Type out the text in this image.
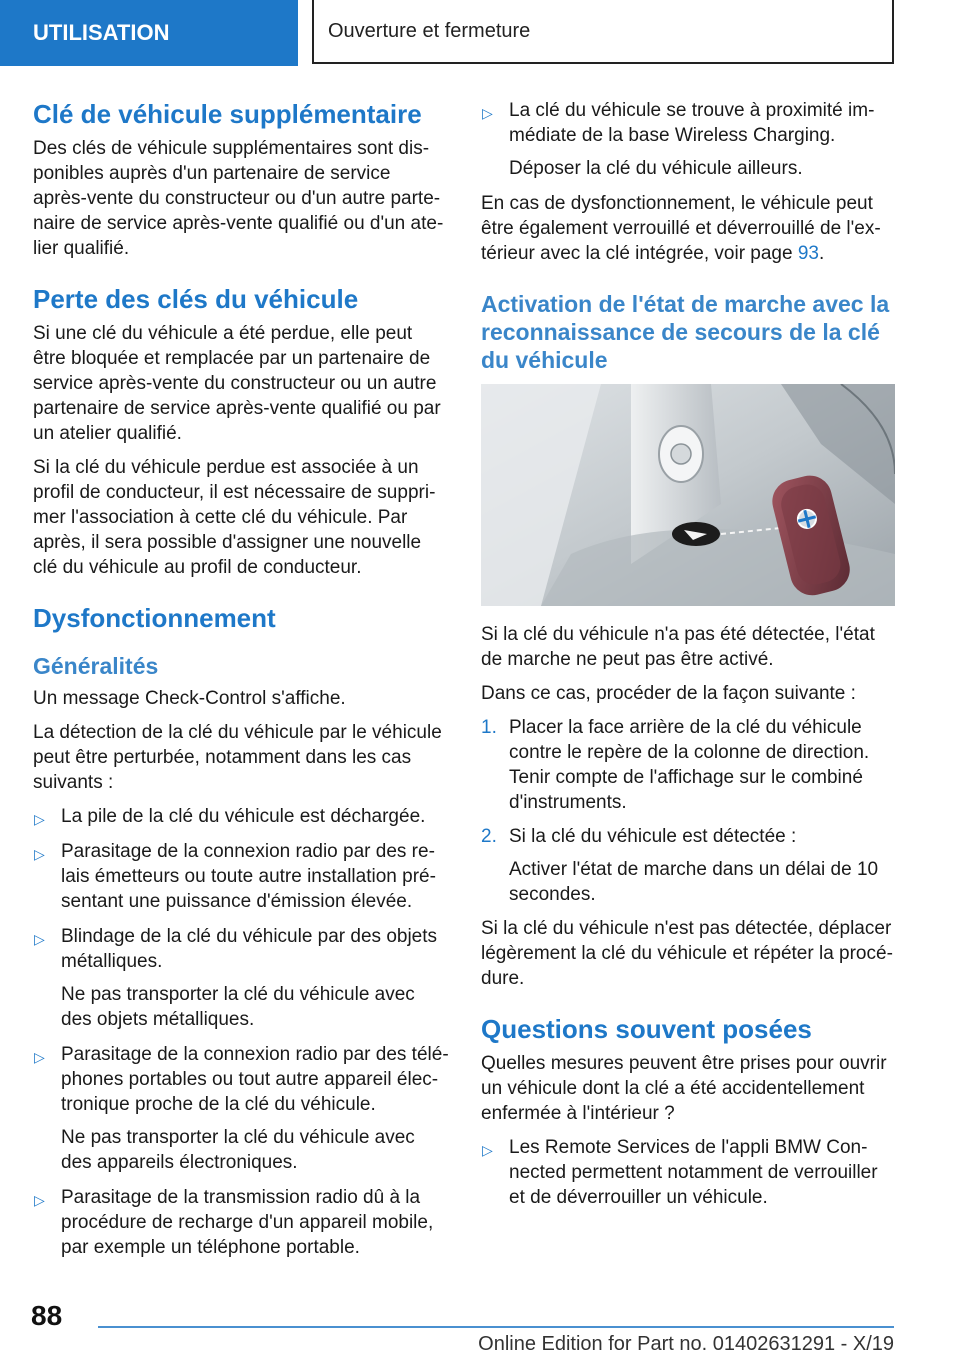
UTILISATION	Ouverture et fermeture
Clé de véhicule supplémentaire

Des clés de véhicule supplémentaires sont disponibles auprès d'un partenaire de service après-vente du constructeur ou d'un autre partenaire de service après-vente qualifié ou d'un atelier qualifié.

Perte des clés du véhicule

Si une clé du véhicule a été perdue, elle peut être bloquée et remplacée par un partenaire de service après-vente du constructeur ou un autre partenaire de service après-vente qualifié ou par un atelier qualifié.

Si la clé du véhicule perdue est associée à un profil de conducteur, il est nécessaire de supprimer l'association à cette clé du véhicule. Par après, il sera possible d'assigner une nouvelle clé du véhicule au profil de conducteur.

Dysfonctionnement
Généralités

Un message Check-Control s'affiche.

La détection de la clé du véhicule par le véhicule peut être perturbée, notamment dans les cas suivants :

▷ La pile de la clé du véhicule est déchargée.
▷ Parasitage de la connexion radio par des relais émetteurs ou toute autre installation présentant une puissance d'émission élevée.
▷ Blindage de la clé du véhicule par des objets métalliques.

Ne pas transporter la clé du véhicule avec des objets métalliques.

▷ Parasitage de la connexion radio par des téléphones portables ou tout autre appareil électronique proche de la clé du véhicule.

Ne pas transporter la clé du véhicule avec des appareils électroniques.

▷ Parasitage de la transmission radio dû à la procédure de recharge d'un appareil mobile, par exemple un téléphone portable.
▷ La clé du véhicule se trouve à proximité immédiate de la base Wireless Charging.

Déposer la clé du véhicule ailleurs.

En cas de dysfonctionnement, le véhicule peut être également verrouillé et déverrouillé de l'extérieur avec la clé intégrée, voir page 93.

Activation de l'état de marche avec la reconnaissance de secours de la clé du véhicule

Si la clé du véhicule n'a pas été détectée, l'état de marche ne peut pas être activé.

Dans ce cas, procéder de la façon suivante :

1. Placer la face arrière de la clé du véhicule contre le repère de la colonne de direction. Tenir compte de l'affichage sur le combiné d'instruments.
2. Si la clé du véhicule est détectée :

Activer l'état de marche dans un délai de 10 secondes.

Si la clé du véhicule n'est pas détectée, déplacer légèrement la clé du véhicule et répéter la procédure.

Questions souvent posées

Quelles mesures peuvent être prises pour ouvrir un véhicule dont la clé a été accidentellement enfermée à l'intérieur ?

▷ Les Remote Services de l'appli BMW Connected permettent notamment de verrouiller et de déverrouiller un véhicule.
88
Online Edition for Part no. 01402631291 - X/19
